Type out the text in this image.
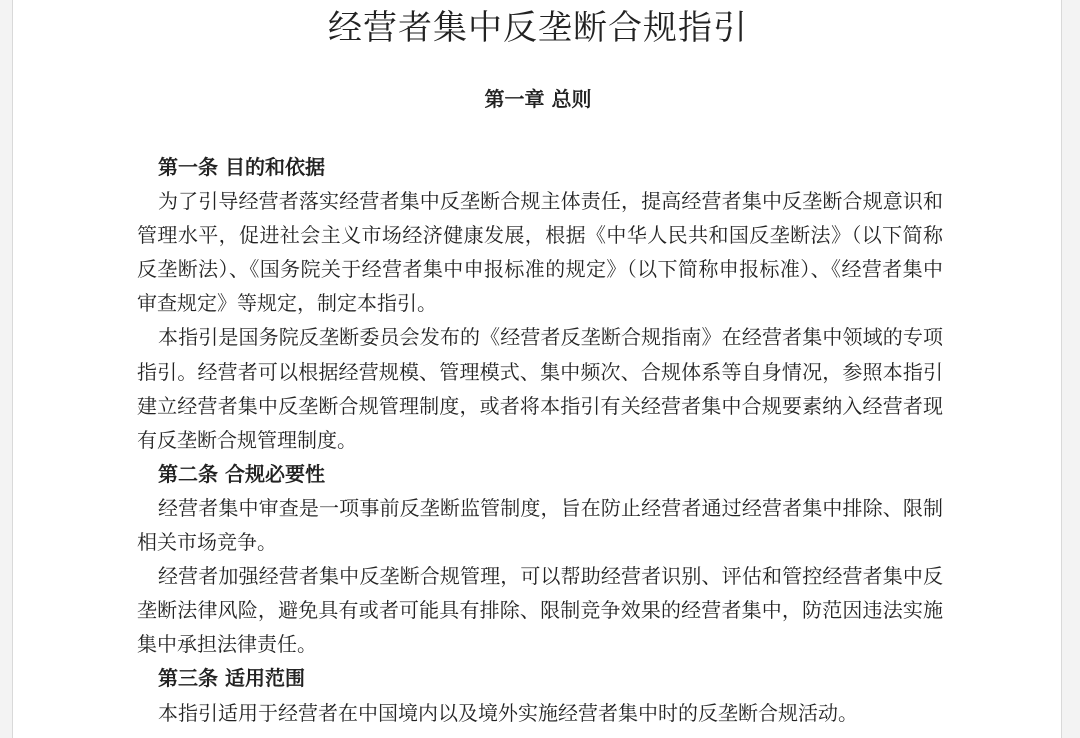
经营者集中反垄断合规指引
第一章 总则

第一条 目的和依据

为了引导经营者落实经营者集中反垄断合规主体责任，提高经营者集中反垄断合规意识和管理水平，促进社会主义市场经济健康发展，根据《中华人民共和国反垄断法》（以下简称反垄断法）、《国务院关于经营者集中申报标准的规定》（以下简称申报标准）、《经营者集中审查规定》等规定，制定本指引。

本指引是国务院反垄断委员会发布的《经营者反垄断合规指南》在经营者集中领域的专项指引。经营者可以根据经营规模、管理模式、集中频次、合规体系等自身情况，参照本指引建立经营者集中反垄断合规管理制度，或者将本指引有关经营者集中合规要素纳入经营者现有反垄断合规管理制度。

第二条 合规必要性

经营者集中审查是一项事前反垄断监管制度，旨在防止经营者通过经营者集中排除、限制相关市场竞争。

经营者加强经营者集中反垄断合规管理，可以帮助经营者识别、评估和管控经营者集中反垄断法律风险，避免具有或者可能具有排除、限制竞争效果的经营者集中，防范因违法实施集中承担法律责任。

第三条 适用范围

本指引适用于经营者在中国境内以及境外实施经营者集中时的反垄断合规活动。
